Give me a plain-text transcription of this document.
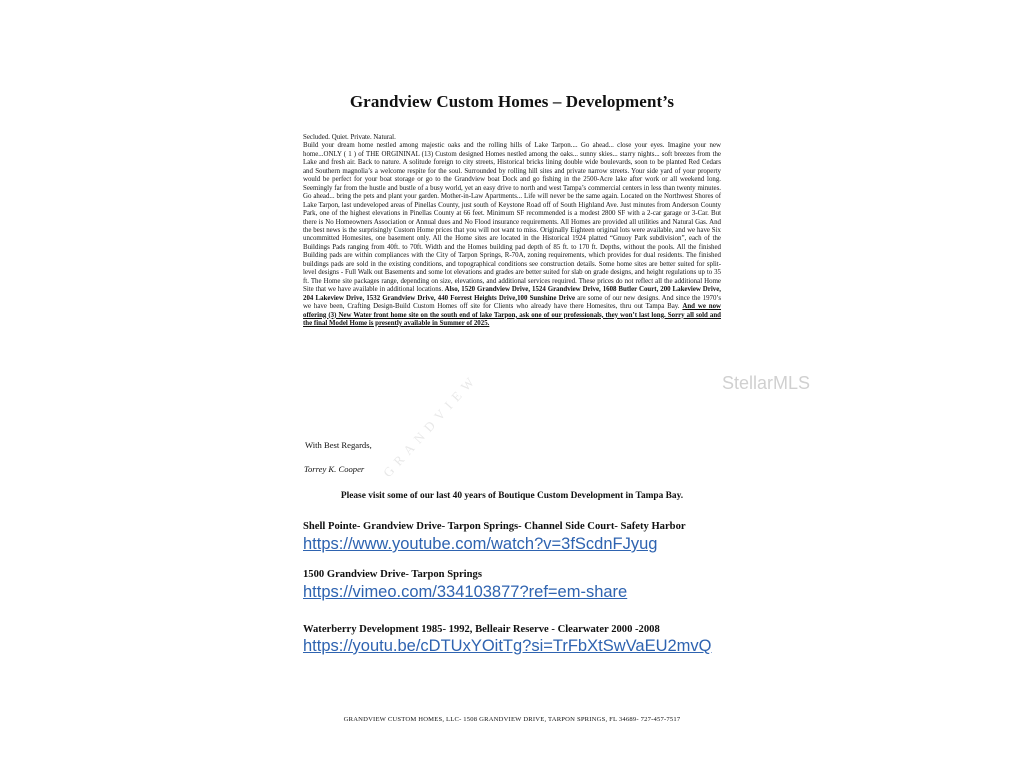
Grandview Custom Homes – Development’s

Secluded. Quiet. Private. Natural.

Build your dream home nestled among majestic oaks and the rolling hills of Lake Tarpon.... Go ahead... close your eyes. Imagine your new home...ONLY ( 1 ) of THE ORGININAL (13) Custom designed Homes nestled among the oaks... sunny skies... starry nights... soft breezes from the Lake and fresh air. Back to nature. A solitude foreign to city streets, Historical bricks lining double wide boulevards, soon to be planted Red Cedars and Southern magnolia’s a welcome respite for the soul. Surrounded by rolling hill sites and private narrow streets. Your side yard of your property would be perfect for your boat storage or go to the Grandview boat Dock and go fishing in the 2500-Acre lake after work or all weekend long. Seemingly far from the hustle and bustle of a busy world, yet an easy drive to north and west Tampa’s commercial centers in less than twenty minutes. Go ahead... bring the pets and plant your garden. Mother-in-Law Apartments... Life will never be the same again. Located on the Northwest Shores of Lake Tarpon, last undeveloped areas of Pinellas County, just south of Keystone Road off of South Highland Ave. Just minutes from Anderson County Park, one of the highest elevations in Pinellas County at 66 feet. Minimum SF recommended is a modest 2800 SF with a 2-car garage or 3-Car. But there is No Homeowners Association or Annual dues and No Flood insurance requirements. All Homes are provided all utilities and Natural Gas. And the best news is the surprisingly Custom Home prices that you will not want to miss. Originally Eighteen original lots were available, and we have Six uncommitted Homesites, one basement only. All the Home sites are located in the Historical 1924 platted “Gnuoy Park subdivision”, each of the Buildings Pads ranging from 40ft. to 70ft. Width and the Homes building pad depth of 85 ft. to 170 ft. Depths, without the pools. All the finished Building pads are within compliances with the City of Tarpon Springs, R-70A, zoning requirements, which provides for dual residents. The finished buildings pads are sold in the existing conditions, and topographical conditions see construction details. Some home sites are better suited for split-level designs - Full Walk out Basements and some lot elevations and grades are better suited for slab on grade designs, and height regulations up to 35 ft. The Home site packages range, depending on size, elevations, and additional services required. These prices do not reflect all the additional Home Site that we have available in additional locations. Also, 1520 Grandview Drive, 1524 Grandview Drive, 1608 Butler Court, 200 Lakeview Drive, 204 Lakeview Drive, 1532 Grandview Drive, 440 Forrest Heights Drive,100 Sunshine Drive are some of our new designs. And since the 1970’s we have been, Crafting Design-Build Custom Homes off site for Clients who already have there Homesites, thru out Tampa Bay. And we now offering (3) New Water front home site on the south end of lake Tarpon, ask one of our professionals, they won’t last long. Sorry all sold and the final Model Home is presently available in Summer of 2025.

With Best Regards,
Torrey K. Cooper
Please visit some of our last 40 years of Boutique Custom Development in Tampa Bay.
Shell Pointe- Grandview Drive- Tarpon Springs- Channel Side Court- Safety Harbor
https://www.youtube.com/watch?v=3fScdnFJyug
1500 Grandview Drive- Tarpon Springs
https://vimeo.com/334103877?ref=em-share
Waterberry Development 1985- 1992, Belleair Reserve - Clearwater 2000 -2008
https://youtu.be/cDTUxYOitTg?si=TrFbXtSwVaEU2mvQ
GRANDVIEW CUSTOM HOMES, LLC- 1508 GRANDVIEW DRIVE, TARPON SPRINGS, FL 34689- 727-457-7517
StellarMLS
GRANDVIEW
